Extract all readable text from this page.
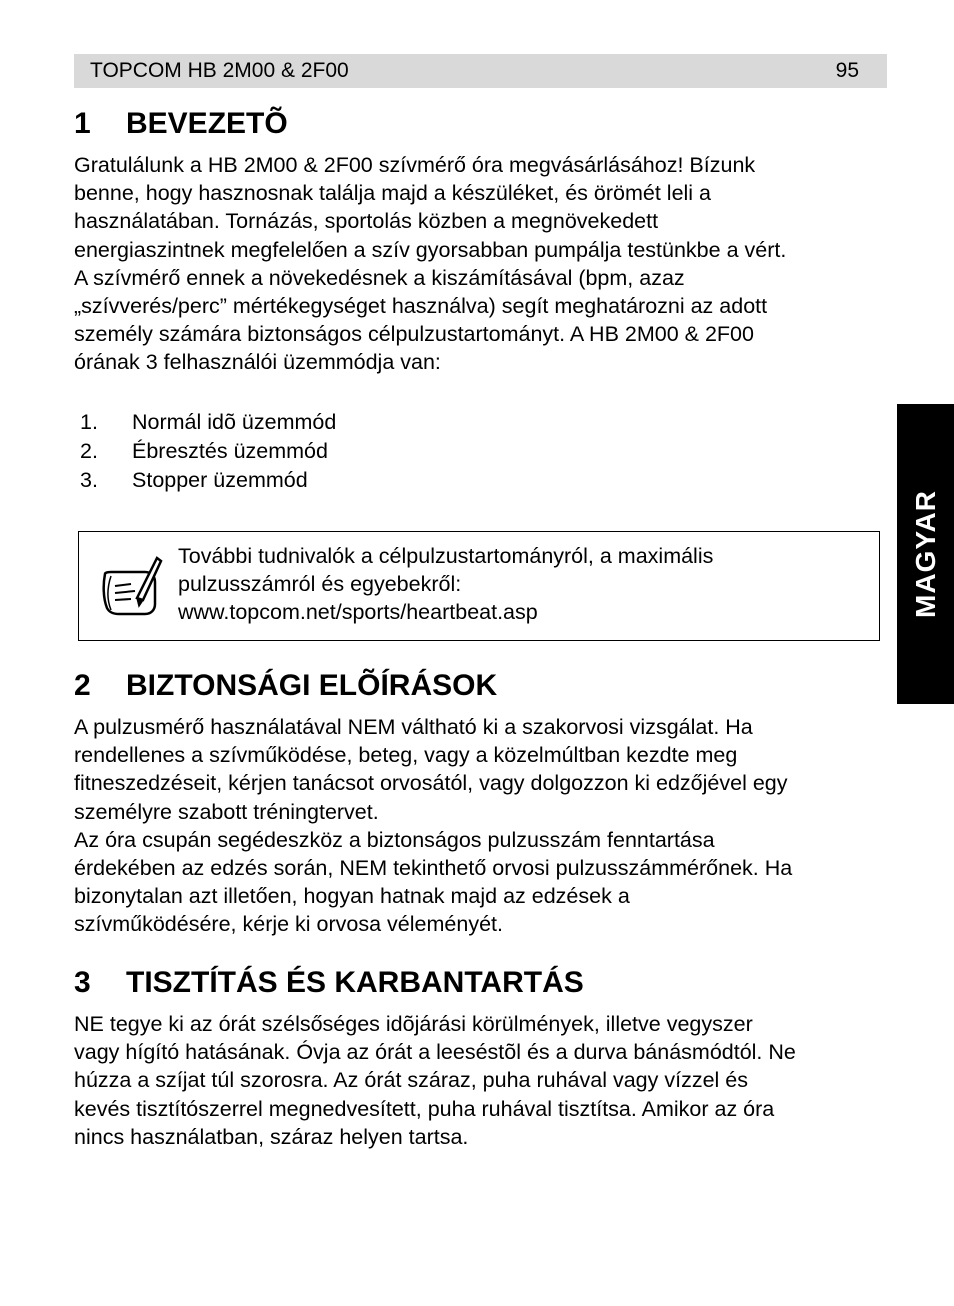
TOPCOM HB 2M00 & 2F00	95
1 BEVEZETÕ
Gratulálunk a HB 2M00 & 2F00 szívmérő óra megvásárlásához! Bízunk
benne, hogy hasznosnak találja majd a készüléket, és örömét leli a
használatában. Tornázás, sportolás közben a megnövekedett
energiaszintnek megfelelően a szív gyorsabban pumpálja testünkbe a vért.
A szívmérő ennek a növekedésnek a kiszámításával (bpm, azaz
„szívverés/perc” mértékegységet használva) segít meghatározni az adott
személy számára biztonságos célpulzustartományt. A HB 2M00 & 2F00
órának 3 felhasználói üzemmódja van:
1. Normál idõ üzemmód
2. Ébresztés üzemmód
3. Stopper üzemmód
További tudnivalók a célpulzustartományról, a maximális
pulzusszámról és egyebekről:
www.topcom.net/sports/heartbeat.asp
2 BIZTONSÁGI ELÕÍRÁSOK
A pulzusmérő használatával NEM váltható ki a szakorvosi vizsgálat. Ha
rendellenes a szívműködése, beteg, vagy a közelmúltban kezdte meg
fitneszedzéseit, kérjen tanácsot orvosától, vagy dolgozzon ki edzőjével egy
személyre szabott tréningtervet.
Az óra csupán segédeszköz a biztonságos pulzusszám fenntartása
érdekében az edzés során, NEM tekinthető orvosi pulzusszámmérőnek. Ha
bizonytalan azt illetően, hogyan hatnak majd az edzések a
szívműködésére, kérje ki orvosa véleményét.
3 TISZTÍTÁS ÉS KARBANTARTÁS
NE tegye ki az órát szélsőséges idõjárási körülmények, illetve vegyszer
vagy hígító hatásának. Óvja az órát a leeséstõl és a durva bánásmódtól. Ne
húzza a szíjat túl szorosra. Az órát száraz, puha ruhával vagy vízzel és
kevés tisztítószerrel megnedvesített, puha ruhával tisztítsa. Amikor az óra
nincs használatban, száraz helyen tartsa.
MAGYAR
